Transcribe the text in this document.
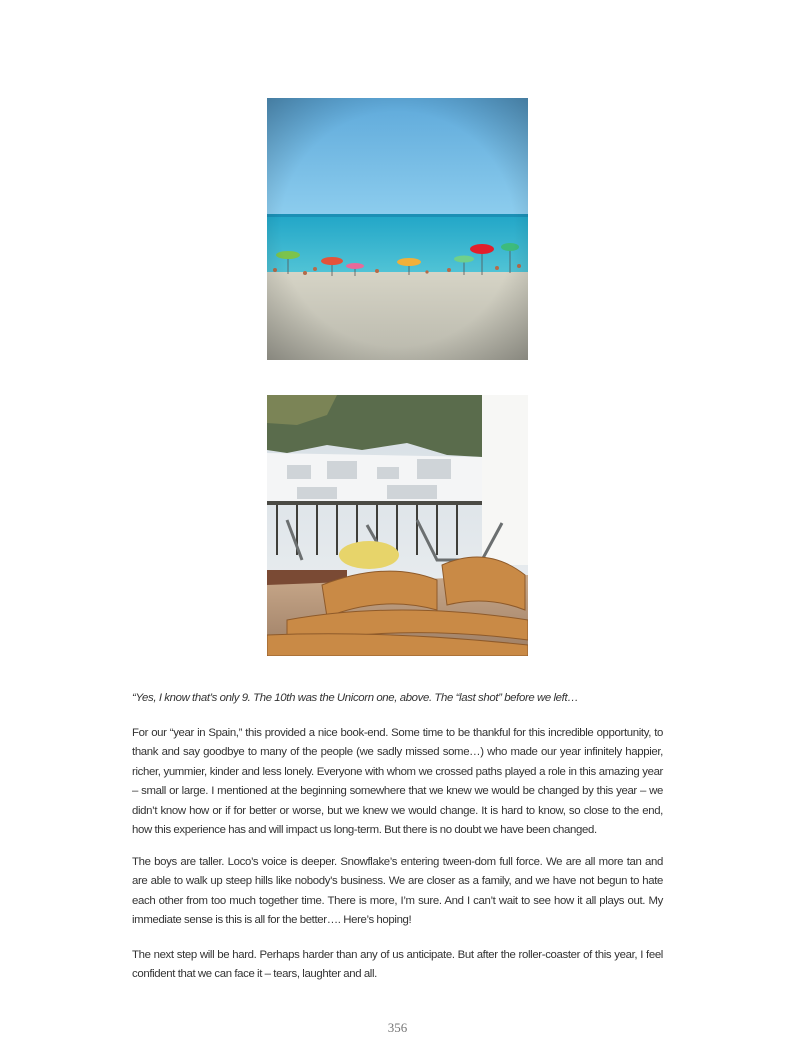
“Yes, I know that’s only 9. The 10th was the Unicorn one, above. The “last shot” before we left…

For our “year in Spain,” this provided a nice book-end. Some time to be thankful for this incredible opportunity, to thank and say goodbye to many of the people (we sadly missed some…) who made our year infinitely happier, richer, yummier, kinder and less lonely. Everyone with whom we crossed paths played a role in this amazing year – small or large. I mentioned at the beginning somewhere that we knew we would be changed by this year – we didn’t know how or if for better or worse, but we knew we would change. It is hard to know, so close to the end, how this experience has and will impact us long-term. But there is no doubt we have been changed.

The boys are taller. Loco’s voice is deeper. Snowflake’s entering tween-dom full force. We are all more tan and are able to walk up steep hills like nobody’s business. We are closer as a family, and we have not begun to hate each other from too much together time. There is more, I’m sure. And I can’t wait to see how it all plays out. My immediate sense is this is all for the better…. Here’s hoping!

The next step will be hard. Perhaps harder than any of us anticipate. But after the roller-coaster of this year, I feel confident that we can face it – tears, laughter and all.

356
